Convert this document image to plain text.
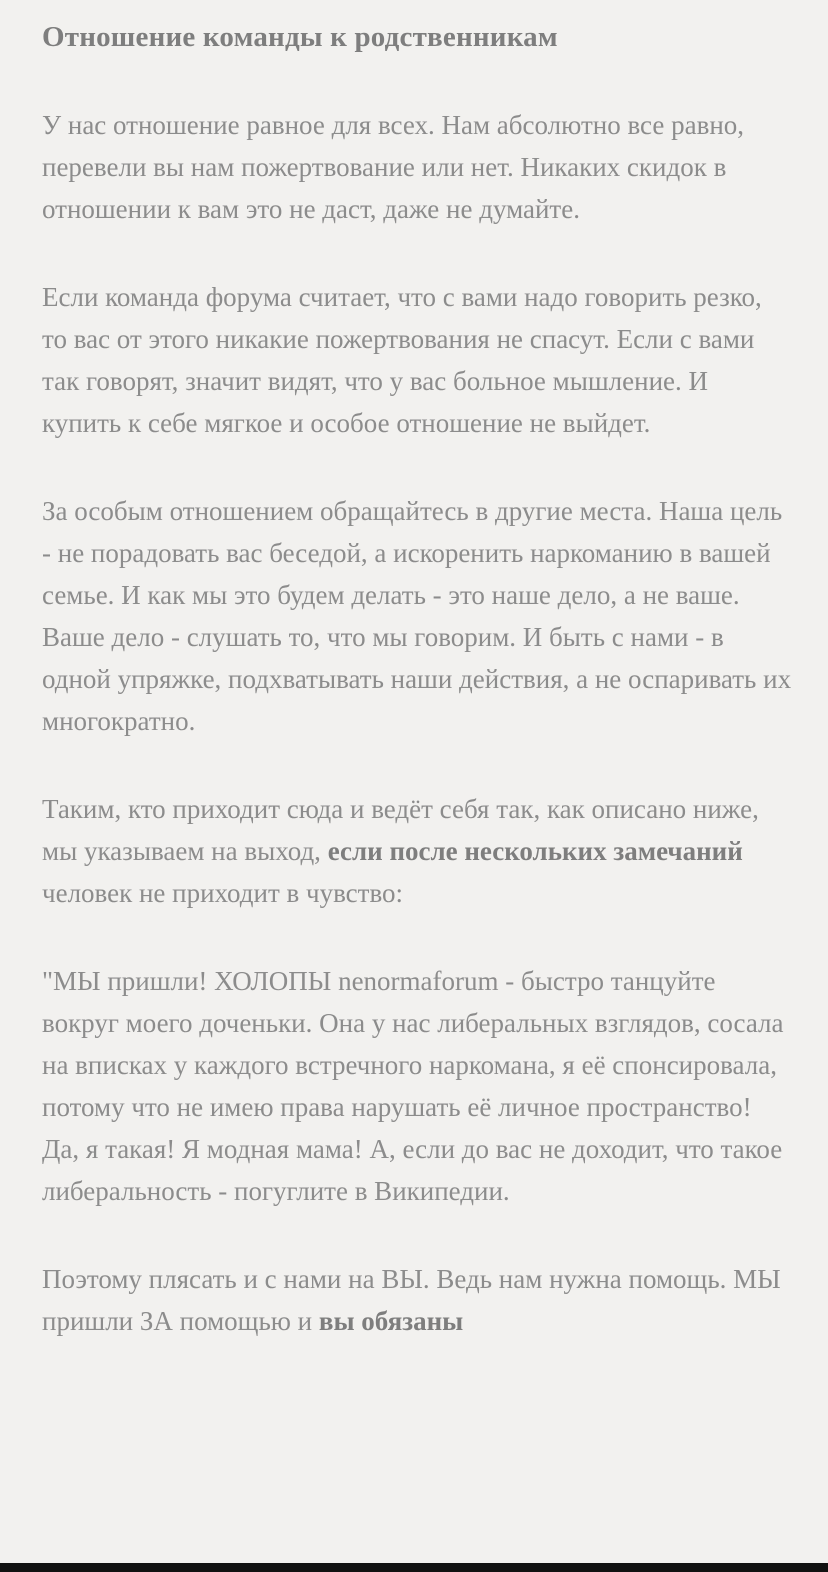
Отношение команды к родственникам

У нас отношение равное для всех. Нам абсолютно все равно, перевели вы нам пожертвование или нет. Никаких скидок в отношении к вам это не даст, даже не думайте.

Если команда форума считает, что с вами надо говорить резко, то вас от этого никакие пожертвования не спасут. Если с вами так говорят, значит видят, что у вас больное мышление. И купить к себе мягкое и особое отношение не выйдет.

За особым отношением обращайтесь в другие места. Наша цель - не порадовать вас беседой, а искоренить наркоманию в вашей семье. И как мы это будем делать - это наше дело, а не ваше. Ваше дело - слушать то, что мы говорим. И быть с нами - в одной упряжке, подхватывать наши действия, а не оспаривать их многократно.

Таким, кто приходит сюда и ведёт себя так, как описано ниже, мы указываем на выход, если после нескольких замечаний человек не приходит в чувство:

"МЫ пришли! ХОЛОПЫ nenormaforum - быстро танцуйте вокруг моего доченьки. Она у нас либеральных взглядов, сосала на вписках у каждого встречного наркомана, я её спонсировала, потому что не имею права нарушать её личное пространство! Да, я такая! Я модная мама! А, если до вас не доходит, что такое либеральность - погуглите в Википедии.

Поэтому плясать и с нами на ВЫ. Ведь нам нужна помощь. МЫ пришли ЗА помощью и вы обязаны
